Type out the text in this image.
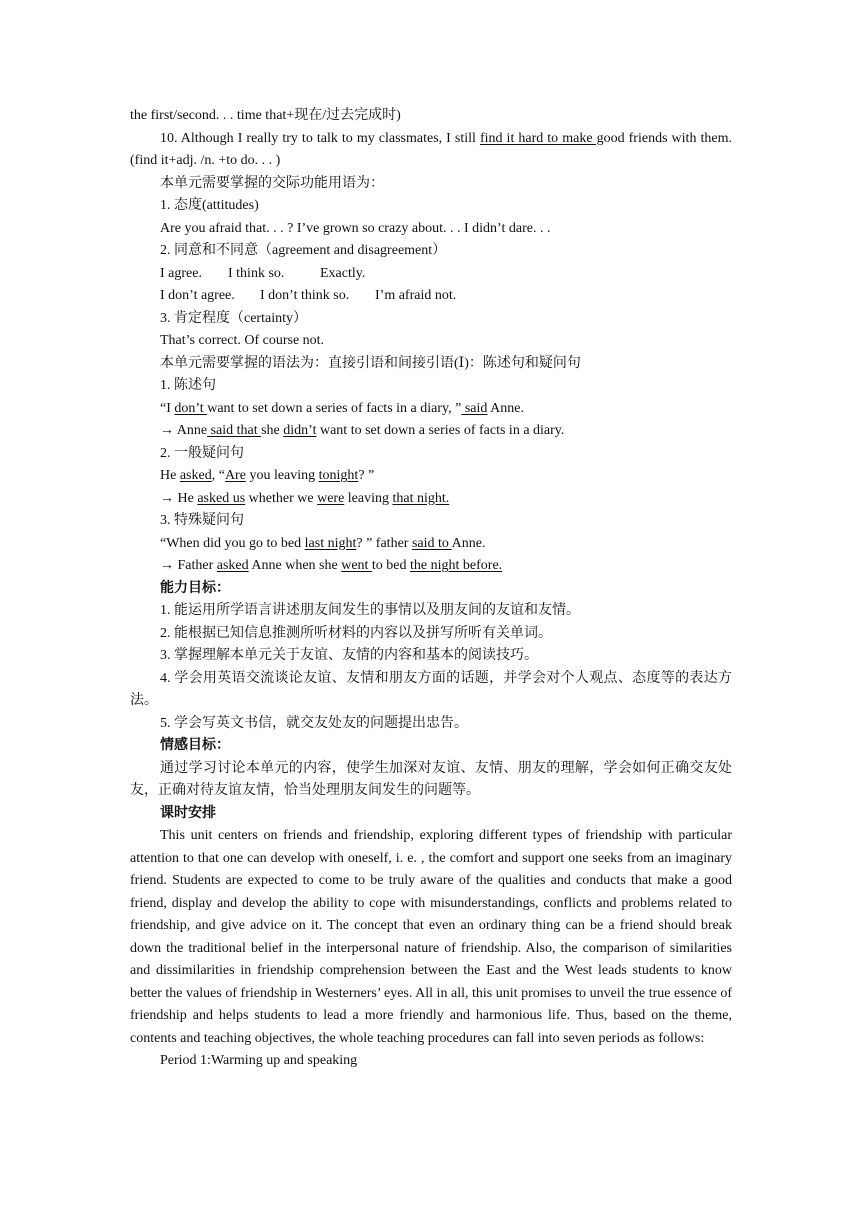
the first/second. . . time that+现在/过去完成时)

10. Although I really try to talk to my classmates, I still find it hard to make good friends with them. (find it+adj. /n. +to do. . . )

本单元需要掌握的交际功能用语为：

1. 态度(attitudes)

Are you afraid that. . . ? I’ve grown so crazy about. . . I didn’t dare. . .

2. 同意和不同意（agreement and disagreement）

I agree. I think so.	Exactly.

I don’t agree. I don’t think so. I’m afraid not.

3. 肯定程度（certainty）

That’s correct. Of course not.

本单元需要掌握的语法为：直接引语和间接引语(Ⅰ)：陈述句和疑问句

1. 陈述句

“I don’t want to set down a series of facts in a diary, ” said Anne.

→ Anne said that she didn’t want to set down a series of facts in a diary.

2. 一般疑问句

He asked, “Are you leaving tonight? ”

→ He asked us whether we were leaving that night.

3. 特殊疑问句

“When did you go to bed last night? ” father said to Anne.

→ Father asked Anne when she went to bed the night before.

能力目标：

1. 能运用所学语言讲述朋友间发生的事情以及朋友间的友谊和友情。

2. 能根据已知信息推测所听材料的内容以及拼写所听有关单词。

3. 掌握理解本单元关于友谊、友情的内容和基本的阅读技巧。

4. 学会用英语交流谈论友谊、友情和朋友方面的话题，并学会对个人观点、态度等的表达方法。

5. 学会写英文书信，就交友处友的问题提出忠告。

情感目标：

通过学习讨论本单元的内容，使学生加深对友谊、友情、朋友的理解，学会如何正确交友处友，正确对待友谊友情，恰当处理朋友间发生的问题等。

课时安排

This unit centers on friends and friendship, exploring different types of friendship with particular attention to that one can develop with oneself, i. e. , the comfort and support one seeks from an imaginary friend. Students are expected to come to be truly aware of the qualities and conducts that make a good friend, display and develop the ability to cope with misunderstandings, conflicts and problems related to friendship, and give advice on it. The concept that even an ordinary thing can be a friend should break down the traditional belief in the interpersonal nature of friendship. Also, the comparison of similarities and dissimilarities in friendship comprehension between the East and the West leads students to know better the values of friendship in Westerners’ eyes. All in all, this unit promises to unveil the true essence of friendship and helps students to lead a more friendly and harmonious life. Thus, based on the theme, contents and teaching objectives, the whole teaching procedures can fall into seven periods as follows:

Period 1:Warming up and speaking
